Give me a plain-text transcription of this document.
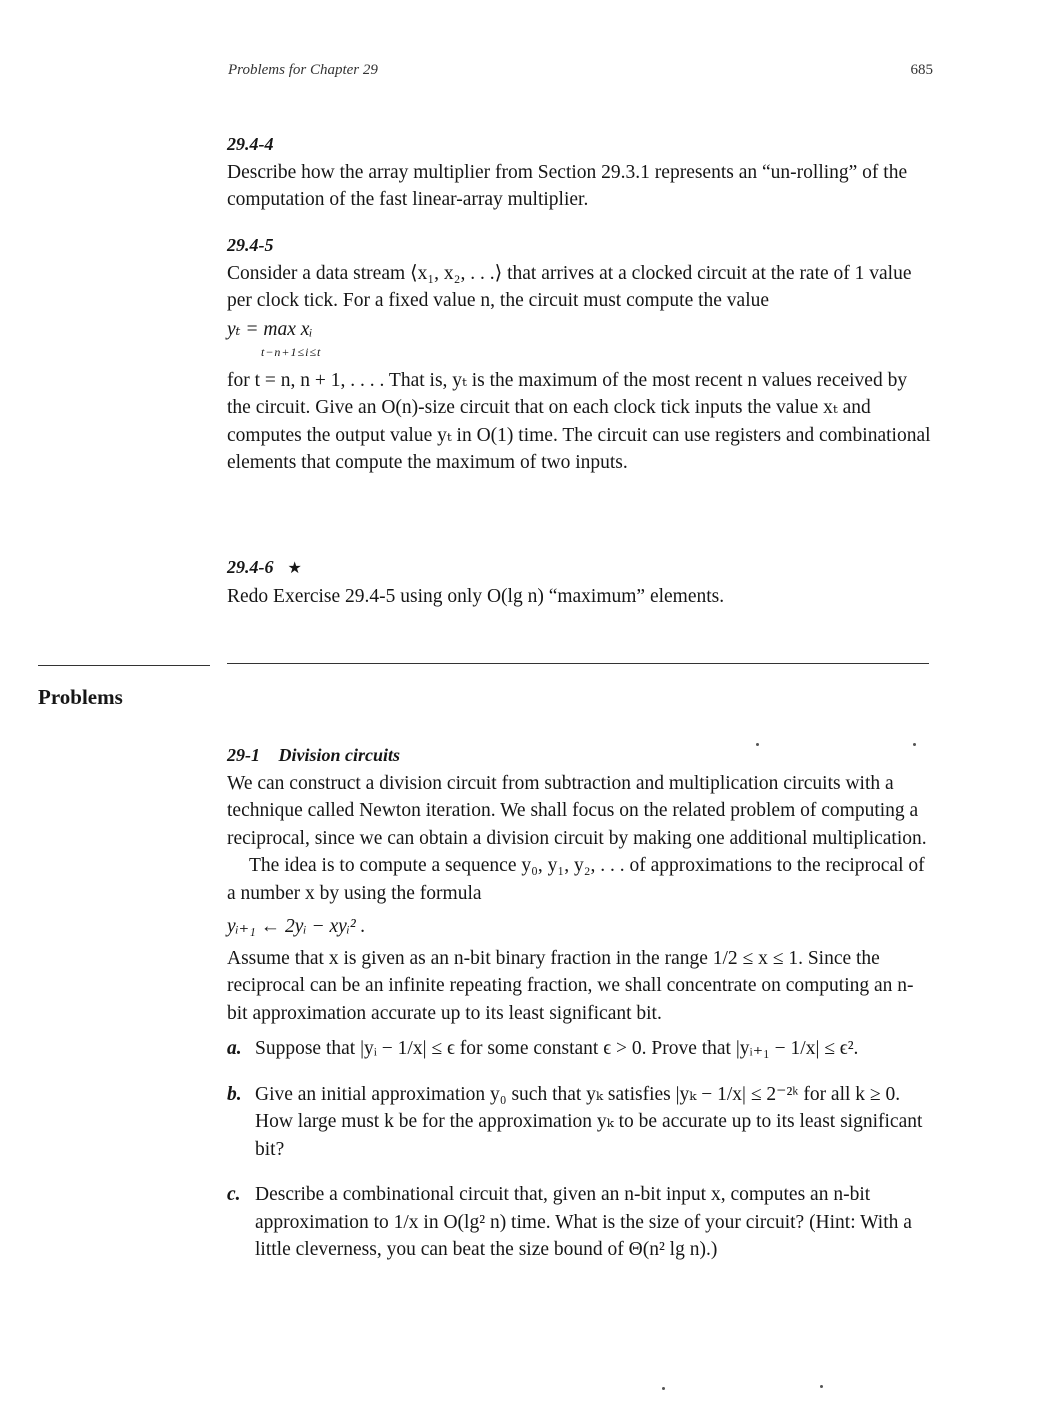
Problems for Chapter 29	685
29.4-4

Describe how the array multiplier from Section 29.3.1 represents an “un-rolling” of the computation of the fast linear-array multiplier.

29.4-5

Consider a data stream ⟨x₁, x₂, . . .⟩ that arrives at a clocked circuit at the rate of 1 value per clock tick. For a fixed value n, the circuit must compute the value

yₜ = max xᵢ
t−n+1≤i≤t

for t = n, n + 1, . . . . That is, yₜ is the maximum of the most recent n values received by the circuit. Give an O(n)-size circuit that on each clock tick inputs the value xₜ and computes the output value yₜ in O(1) time. The circuit can use registers and combinational elements that compute the maximum of two inputs.

29.4-6 ★

Redo Exercise 29.4-5 using only O(lg n) “maximum” elements.

Problems
29-1 Division circuits

We can construct a division circuit from subtraction and multiplication circuits with a technique called Newton iteration. We shall focus on the related problem of computing a reciprocal, since we can obtain a division circuit by making one additional multiplication.

The idea is to compute a sequence y₀, y₁, y₂, . . . of approximations to the reciprocal of a number x by using the formula

yᵢ₊₁ ← 2yᵢ − xyᵢ² .

Assume that x is given as an n-bit binary fraction in the range 1/2 ≤ x ≤ 1. Since the reciprocal can be an infinite repeating fraction, we shall concentrate on computing an n-bit approximation accurate up to its least significant bit.

a. Suppose that |yᵢ − 1/x| ≤ ϵ for some constant ϵ > 0. Prove that |yᵢ₊₁ − 1/x| ≤ ϵ².

b. Give an initial approximation y₀ such that yₖ satisfies |yₖ − 1/x| ≤ 2⁻²ᵏ for all k ≥ 0. How large must k be for the approximation yₖ to be accurate up to its least significant bit?

c. Describe a combinational circuit that, given an n-bit input x, computes an n-bit approximation to 1/x in O(lg² n) time. What is the size of your circuit? (Hint: With a little cleverness, you can beat the size bound of Θ(n² lg n).)
